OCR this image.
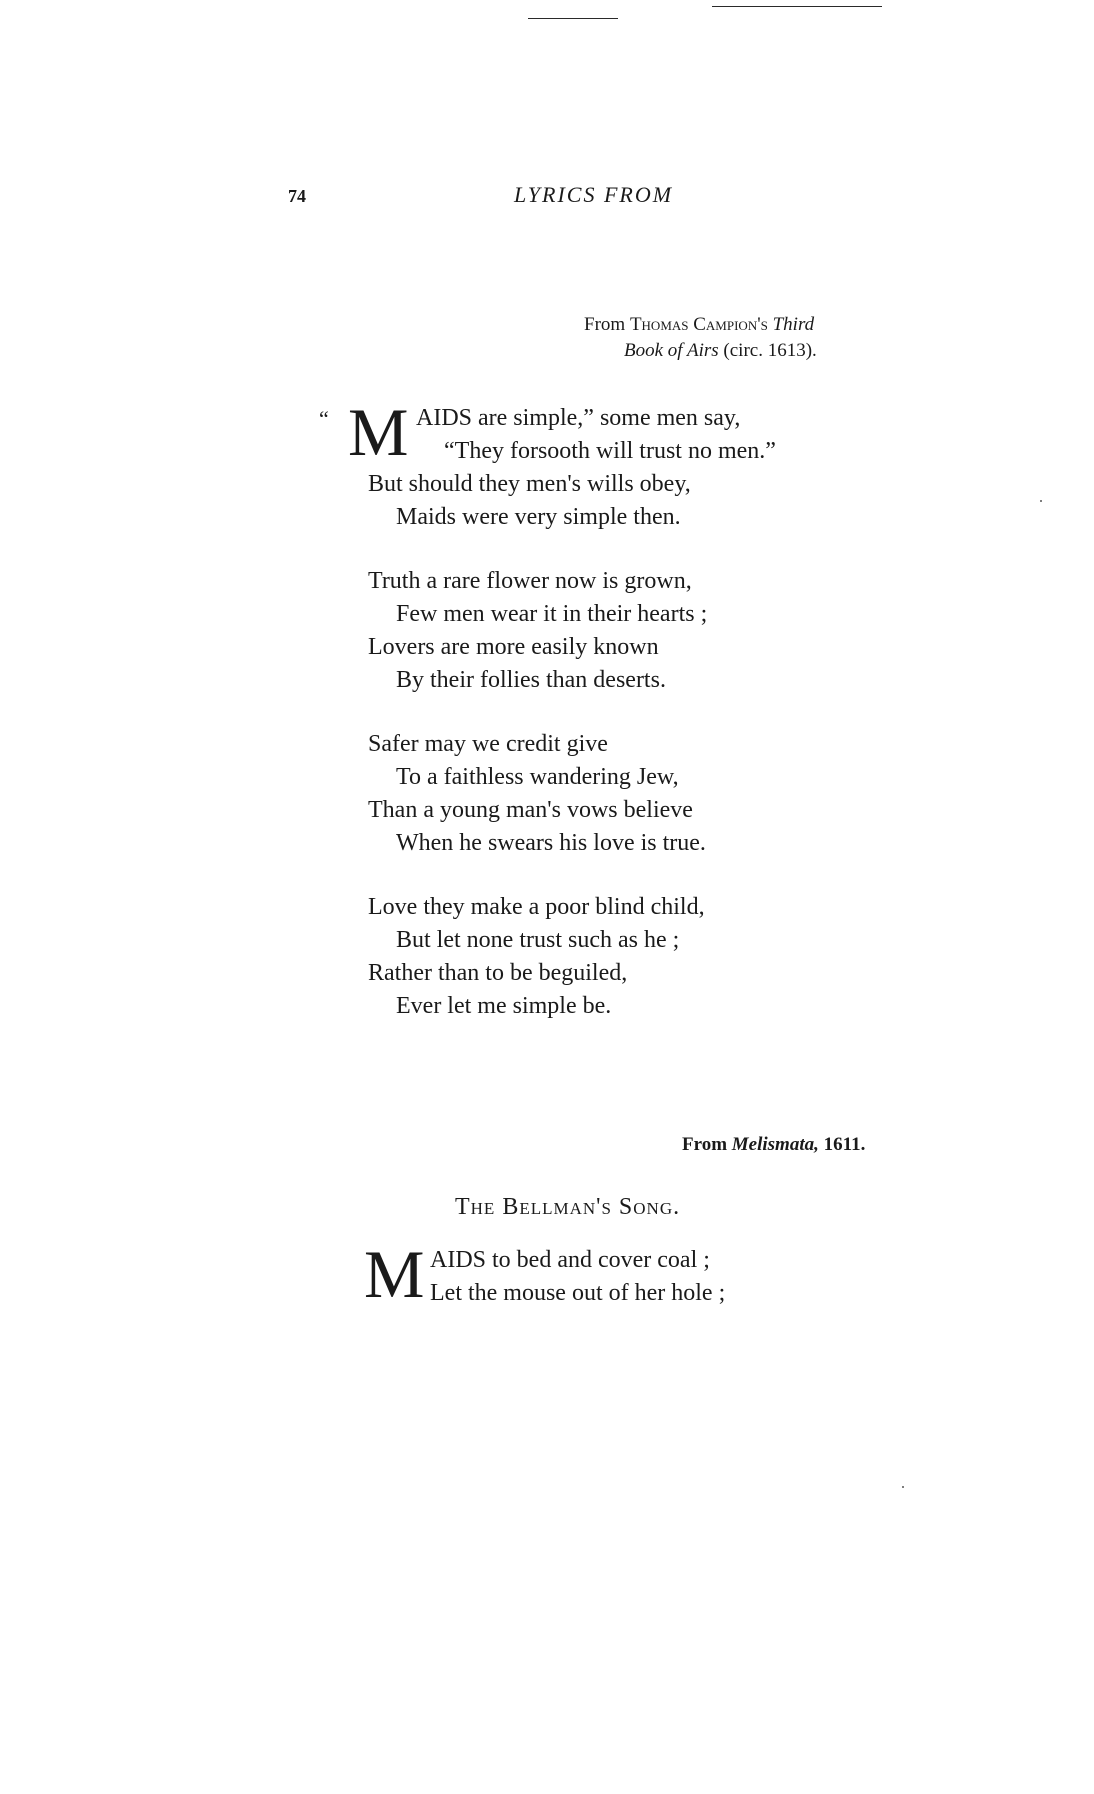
74	LYRICS FROM
From Thomas Campion's Third
Book of Airs (circ. 1613).
“ M AIDS are simple,” some men say,
“They forsooth will trust no men.”
But should they men's wills obey,
Maids were very simple then.
Truth a rare flower now is grown,
Few men wear it in their hearts ;
Lovers are more easily known
By their follies than deserts.
Safer may we credit give
To a faithless wandering Jew,
Than a young man's vows believe
When he swears his love is true.
Love they make a poor blind child,
But let none trust such as he ;
Rather than to be beguiled,
Ever let me simple be.
From Melismata, 1611.
The Bellman's Song.
M AIDS to bed and cover coal ;
Let the mouse out of her hole ;
